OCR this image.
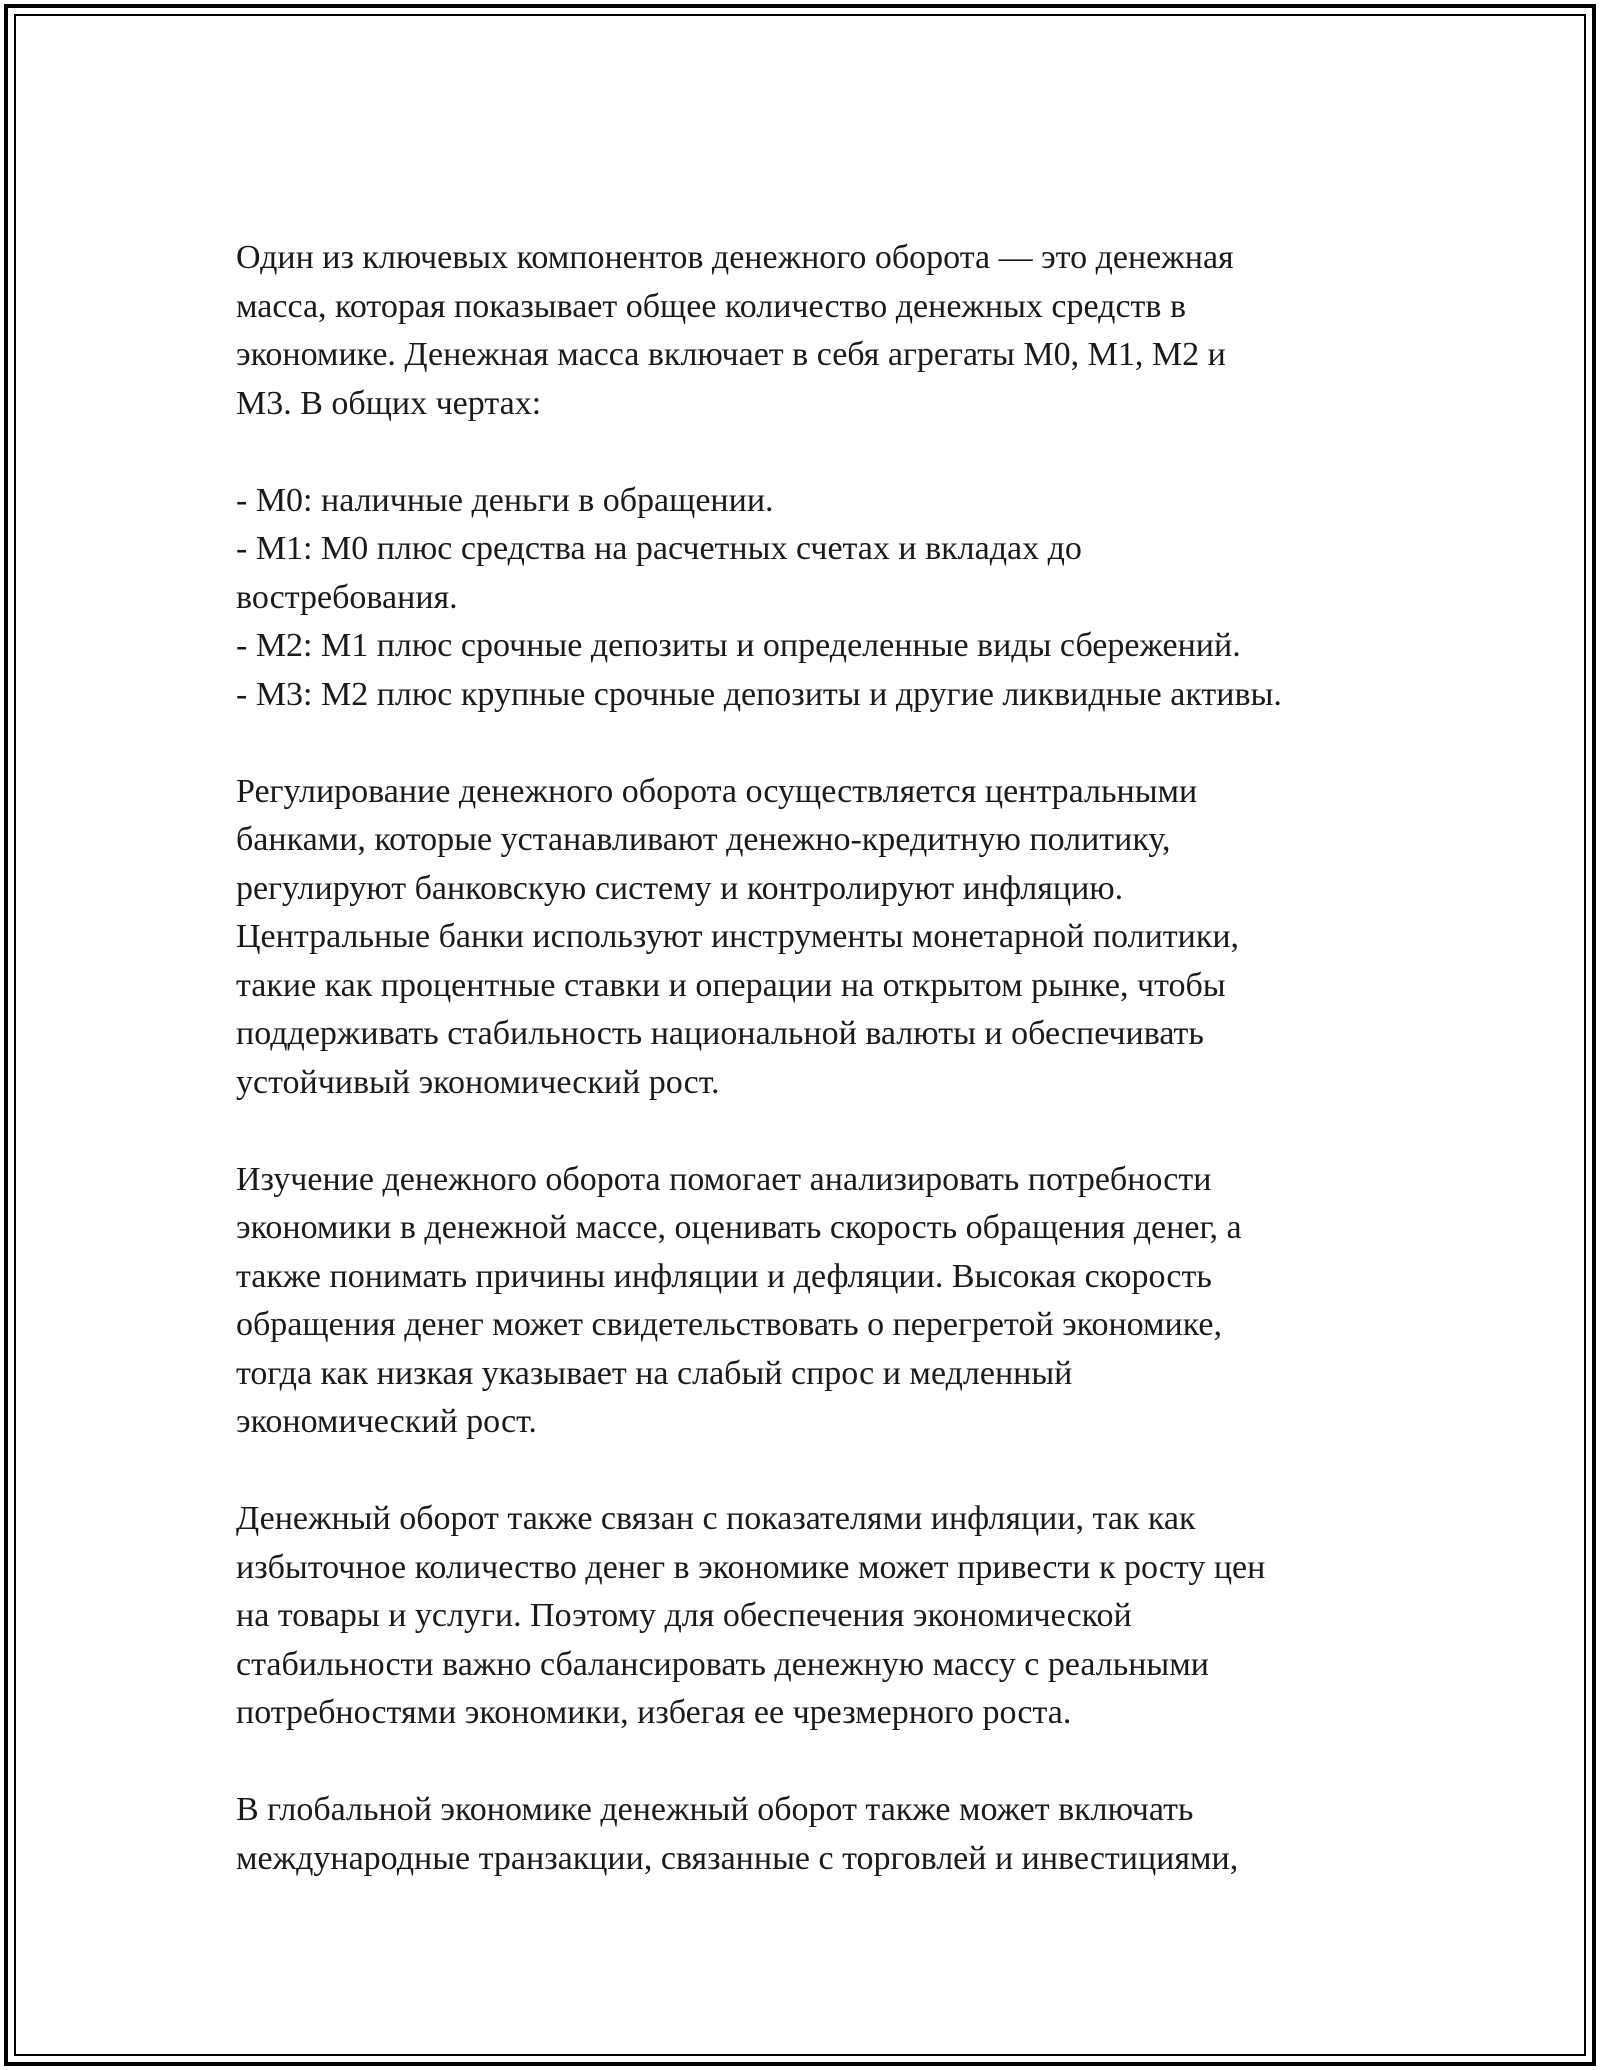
Один из ключевых компонентов денежного оборота — это денежная
масса, которая показывает общее количество денежных средств в
экономике. Денежная масса включает в себя агрегаты M0, M1, M2 и
M3. В общих чертах:

- M0: наличные деньги в обращении.
- M1: M0 плюс средства на расчетных счетах и вкладах до
востребования.
- M2: M1 плюс срочные депозиты и определенные виды сбережений.
- M3: M2 плюс крупные срочные депозиты и другие ликвидные активы.

Регулирование денежного оборота осуществляется центральными
банками, которые устанавливают денежно-кредитную политику,
регулируют банковскую систему и контролируют инфляцию.
Центральные банки используют инструменты монетарной политики,
такие как процентные ставки и операции на открытом рынке, чтобы
поддерживать стабильность национальной валюты и обеспечивать
устойчивый экономический рост.

Изучение денежного оборота помогает анализировать потребности
экономики в денежной массе, оценивать скорость обращения денег, а
также понимать причины инфляции и дефляции. Высокая скорость
обращения денег может свидетельствовать о перегретой экономике,
тогда как низкая указывает на слабый спрос и медленный
экономический рост.

Денежный оборот также связан с показателями инфляции, так как
избыточное количество денег в экономике может привести к росту цен
на товары и услуги. Поэтому для обеспечения экономической
стабильности важно сбалансировать денежную массу с реальными
потребностями экономики, избегая ее чрезмерного роста.

В глобальной экономике денежный оборот также может включать
международные транзакции, связанные с торговлей и инвестициями,
